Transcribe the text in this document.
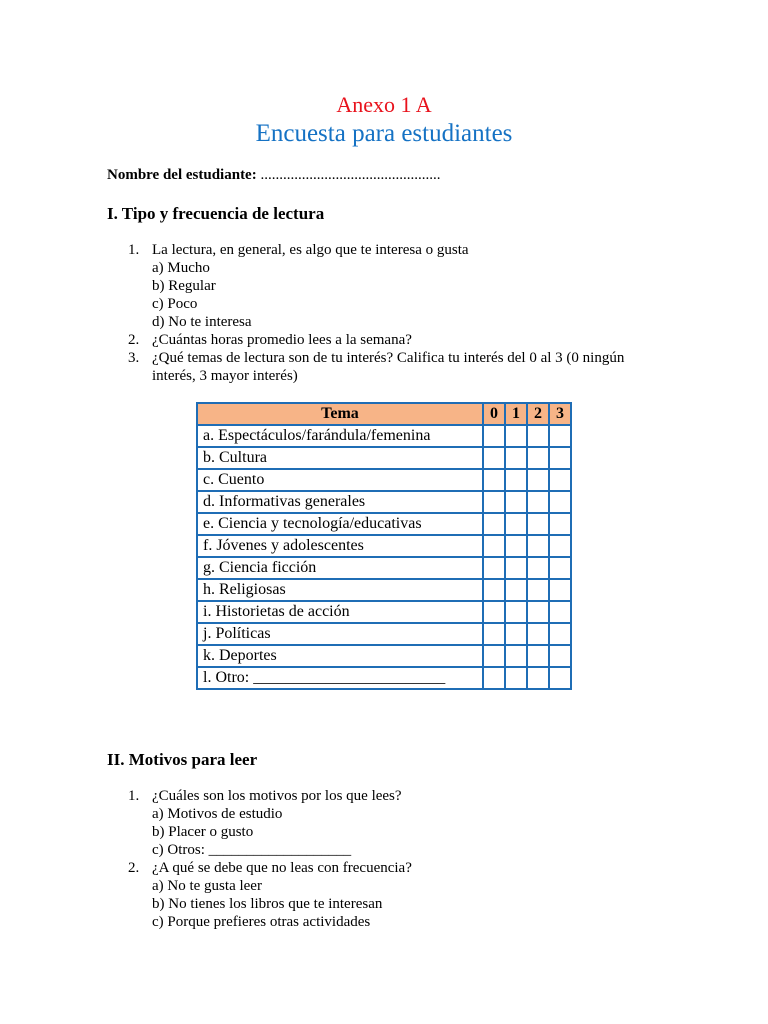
Anexo 1 A
Encuesta para estudiantes
Nombre del estudiante: ................................................
I. Tipo y frecuencia de lectura
1. La lectura, en general, es algo que te interesa o gusta
a) Mucho
b) Regular
c) Poco
d) No te interesa
2. ¿Cuántas horas promedio lees a la semana?
3. ¿Qué temas de lectura son de tu interés? Califica tu interés del 0 al 3 (0 ningún interés, 3 mayor interés)
Tema	0	1	2	3
a. Espectáculos/farándula/femenina				
b. Cultura				
c. Cuento				
d. Informativas generales				
e. Ciencia y tecnología/educativas				
f. Jóvenes y adolescentes				
g. Ciencia ficción				
h. Religiosas				
i. Historietas de acción				
j. Políticas				
k. Deportes				
l. Otro: ________________________				
II. Motivos para leer
1. ¿Cuáles son los motivos por los que lees?
a) Motivos de estudio
b) Placer o gusto
c) Otros: ___________________
2. ¿A qué se debe que no leas con frecuencia?
a) No te gusta leer
b) No tienes los libros que te interesan
c) Porque prefieres otras actividades
